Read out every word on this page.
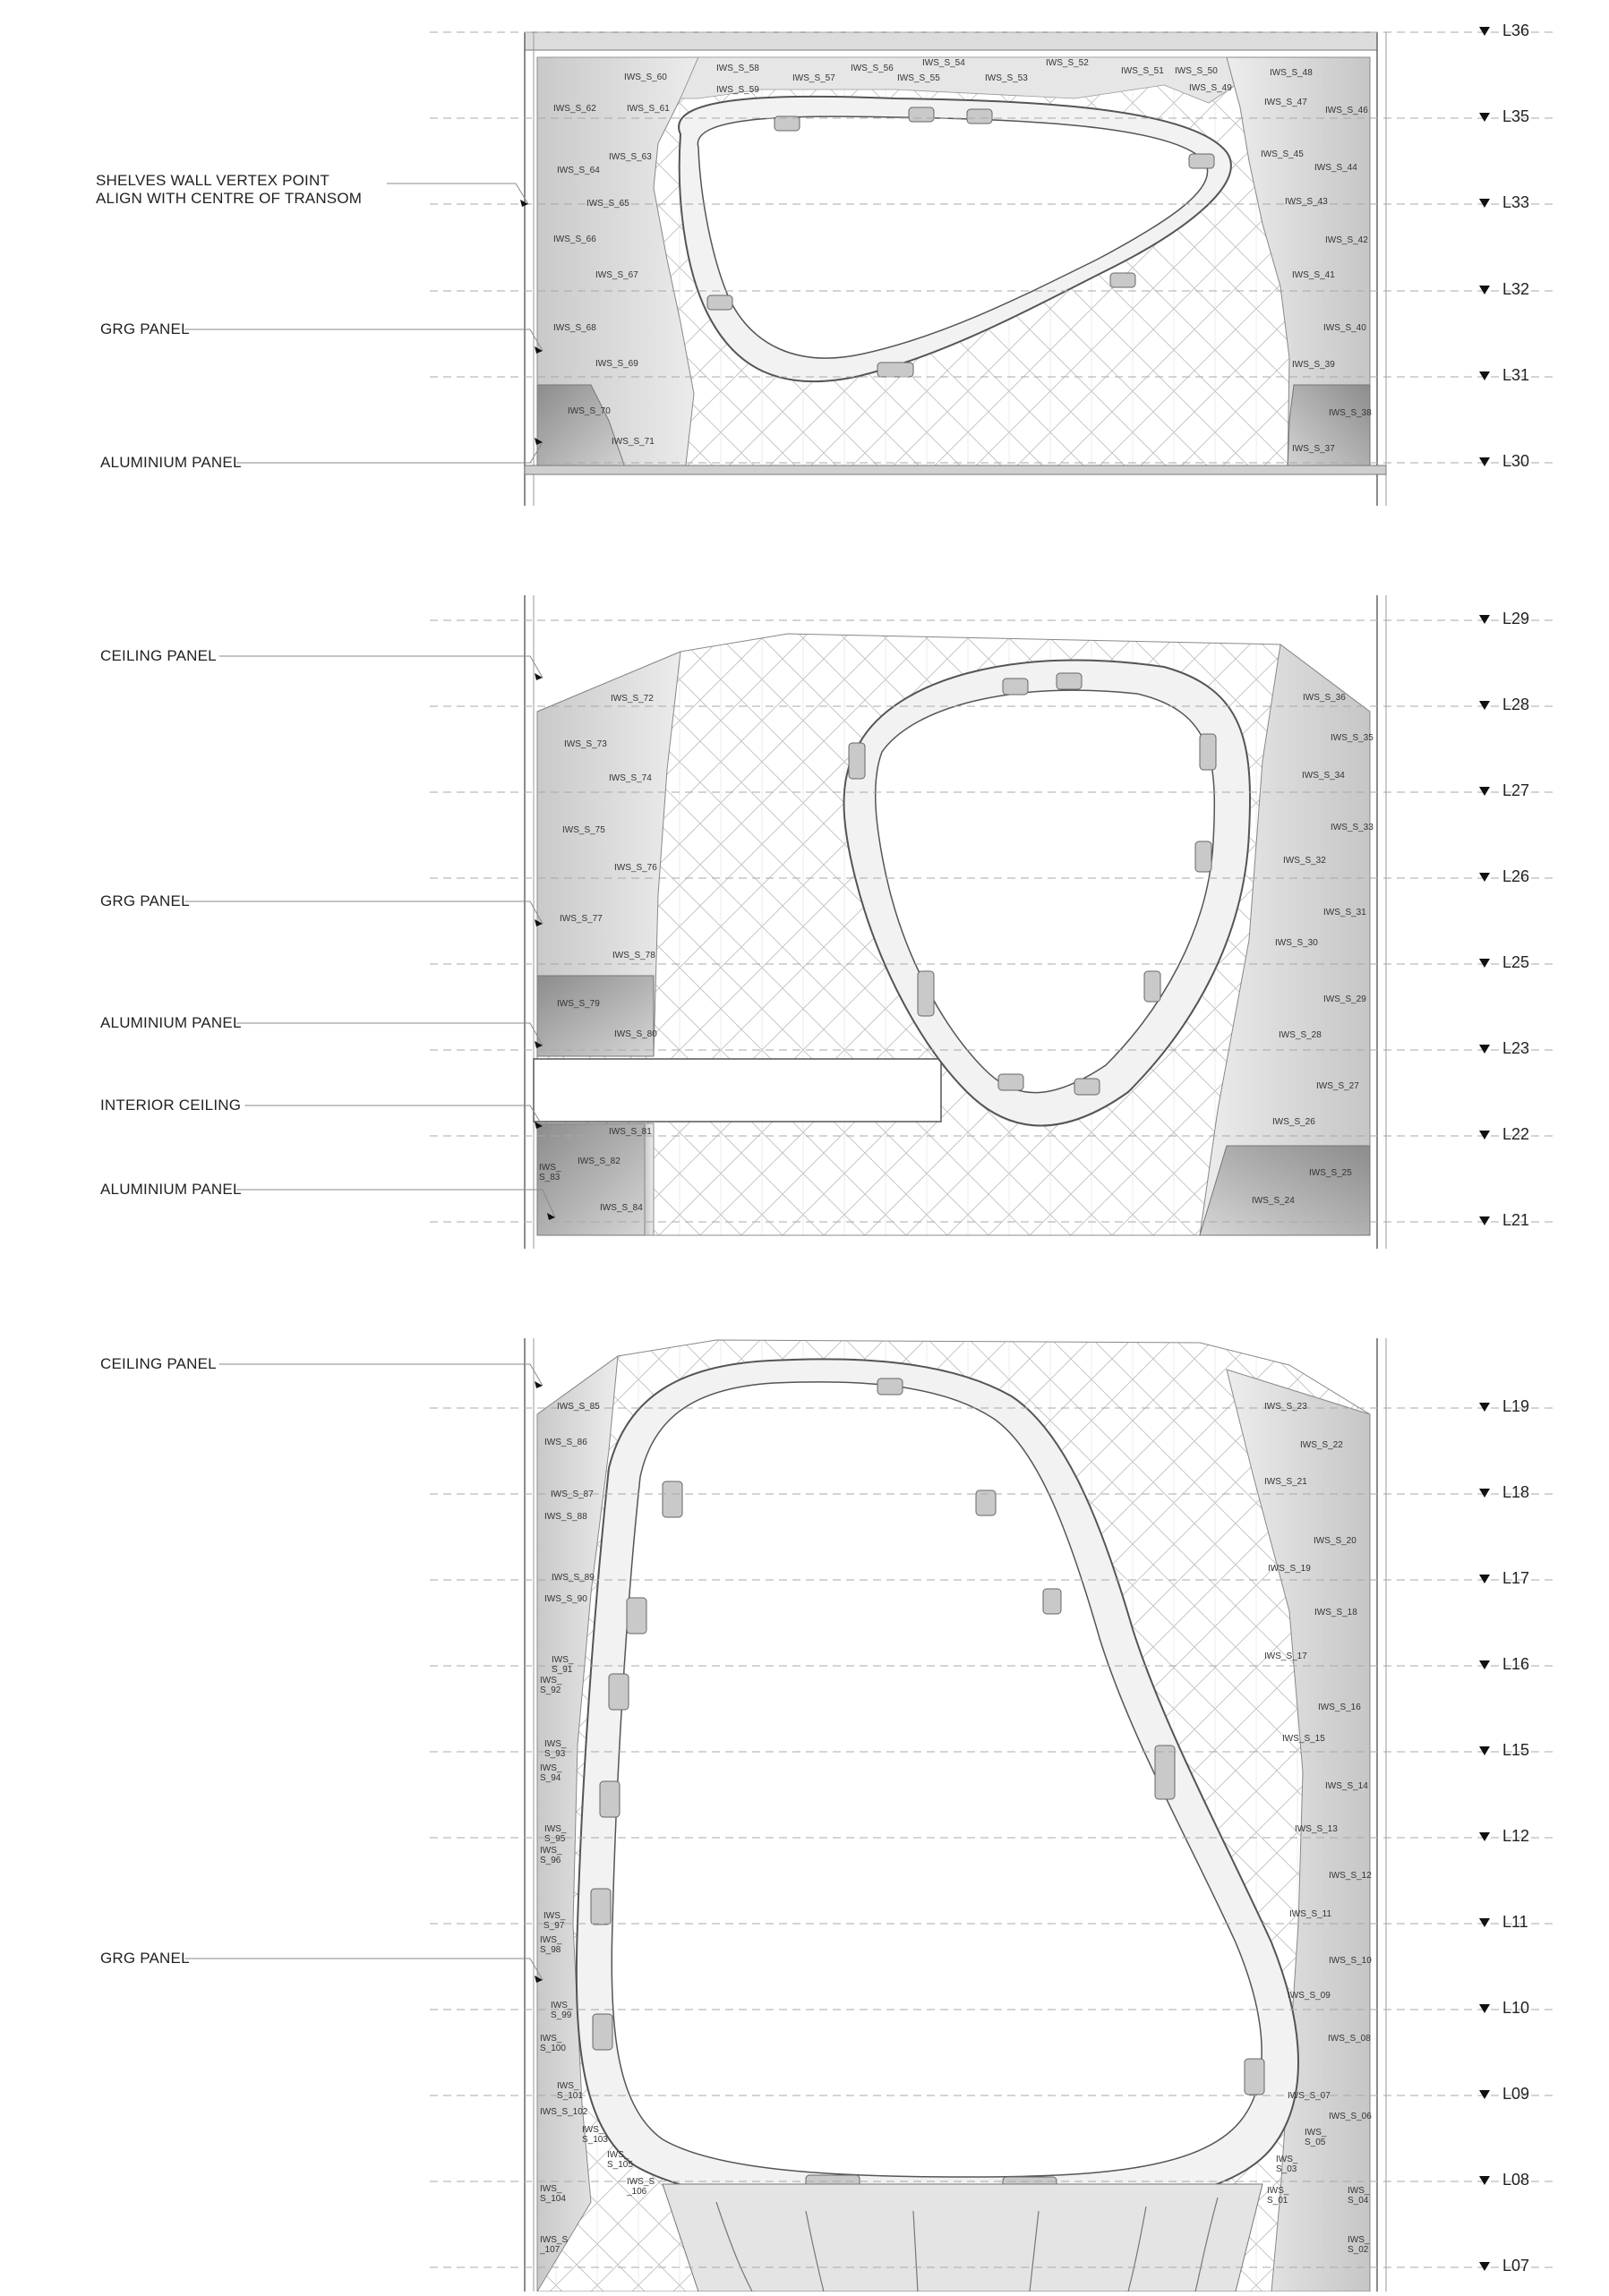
IWS_S_60
IWS_S_58
IWS_S_59
IWS_S_57
IWS_S_56
IWS_S_55
IWS_S_54
IWS_S_53
IWS_S_52
IWS_S_51 IWS_S_50
IWS_S_49
IWS_S_48
IWS_S_47
IWS_S_46
IWS_S_62	IWS_S_61
IWS_S_63
IWS_S_64
IWS_S_65
IWS_S_66
IWS_S_67
IWS_S_68
IWS_S_69
IWS_S_70
IWS_S_71
IWS_S_45
IWS_S_44
IWS_S_43
IWS_S_42
IWS_S_41
IWS_S_40
IWS_S_39
IWS_S_38
IWS_S_37
IWS_S_72
IWS_S_73
IWS_S_74
IWS_S_75
IWS_S_76
IWS_S_77
IWS_S_78
IWS_S_79
IWS_S_80
IWS_S_81
IWS_S_82
IWS_ S_83
IWS_S_84
IWS_S_36
IWS_S_35
IWS_S_34
IWS_S_33
IWS_S_32
IWS_S_31
IWS_S_30
IWS_S_29
IWS_S_28
IWS_S_27
IWS_S_26
IWS_S_25
IWS_S_24
IWS_S_85
IWS_S_86
IWS_S_87
IWS_S_88
IWS_S_89
IWS_S_90
IWS_ S_91
IWS_ S_92
IWS_ S_93
IWS_ S_94
IWS_ S_95
IWS_ S_96
IWS_ S_97
IWS_ S_98
IWS_ S_99
IWS_ S_100
IWS_ S_101
IWS_S_102
IWS_ S_103
IWS_ S_105
IWS_S _106
IWS_ S_104
IWS_S _107
IWS_S_23
IWS_S_22
IWS_S_21
IWS_S_20
IWS_S_19
IWS_S_18
IWS_S_17
IWS_S_16
IWS_S_15
IWS_S_14
IWS_S_13
IWS_S_12
IWS_S_11
IWS_S_10
IWS_S_09
IWS_S_08
IWS_S_07
IWS_S_06
IWS_ S_05
IWS_ S_04
IWS_ S_03
IWS_ S_01
IWS_ S_02
L36
L35
L33
L32
L31
L30
L29
L28
L27
L26
L25
L23
L22
L21
L19
L18
L17
L16
L15
L12
L11
L10
L09
L08
L07
SHELVES WALL VERTEX POINT
ALIGN WITH CENTRE OF TRANSOM
GRG PANEL
ALUMINIUM PANEL
CEILING PANEL
GRG PANEL
ALUMINIUM PANEL
INTERIOR CEILING
ALUMINIUM PANEL
CEILING PANEL
GRG PANEL
